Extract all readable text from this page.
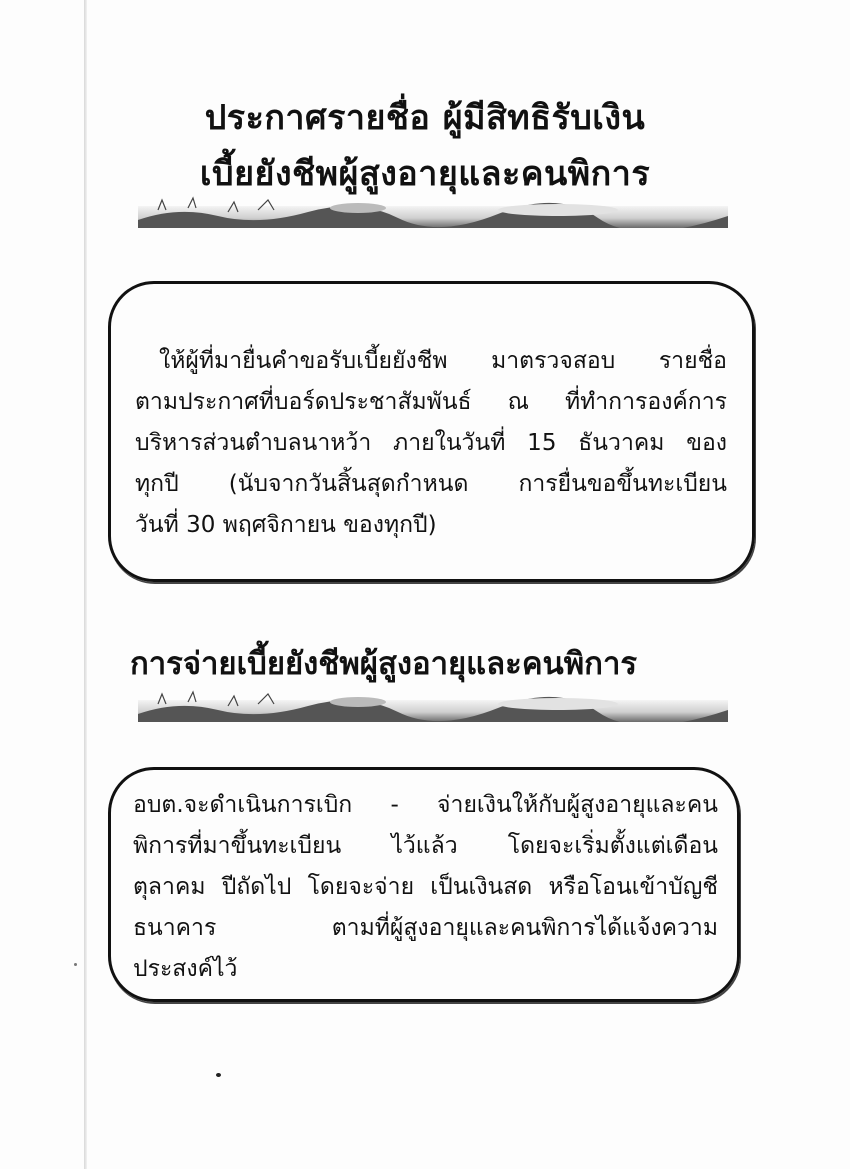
ประกาศรายชื่อ ผู้มีสิทธิรับเงิน
เบี้ยยังชีพผู้สูงอายุและคนพิการ
ให้ผู้ที่มายื่นคำขอรับเบี้ยยังชีพ มาตรวจสอบ รายชื่อ
ตามประกาศที่บอร์ดประชาสัมพันธ์ ณ ที่ทำการองค์การ
บริหารส่วนตำบลนาหว้า ภายในวันที่ 15 ธันวาคม ของ
ทุกปี (นับจากวันสิ้นสุดกำหนด การยื่นขอขึ้นทะเบียน
วันที่ 30 พฤศจิกายน ของทุกปี)
การจ่ายเบี้ยยังชีพผู้สูงอายุและคนพิการ
อบต.จะดำเนินการเบิก - จ่ายเงินให้กับผู้สูงอายุและคน
พิการที่มาขึ้นทะเบียน ไว้แล้ว โดยจะเริ่มตั้งแต่เดือน
ตุลาคม ปีถัดไป โดยจะจ่าย เป็นเงินสด หรือโอนเข้าบัญชี
ธนาคาร ตามที่ผู้สูงอายุและคนพิการได้แจ้งความ
ประสงค์ไว้
